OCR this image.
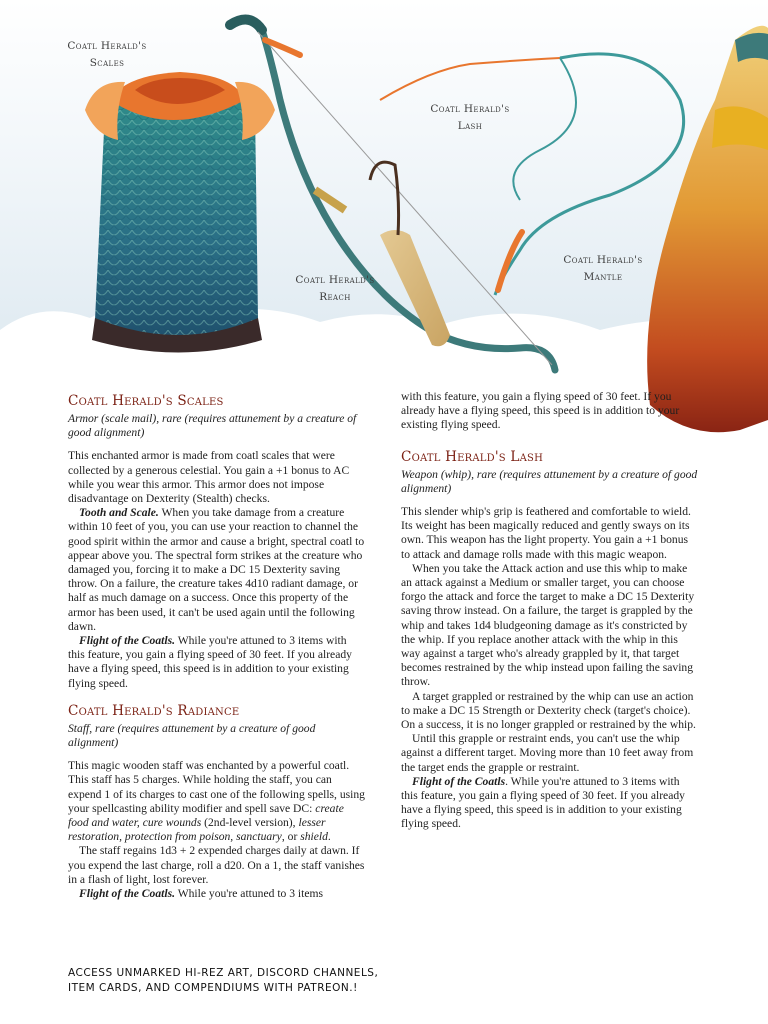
Coatl Herald's
Scales
Coatl Herald's
Lash
Coatl Herald's
Reach
Coatl Herald's
Mantle
Coatl Herald's Scales
Armor (scale mail), rare (requires attunement by a creature of good alignment)
This enchanted armor is made from coatl scales that were collected by a generous celestial. You gain a +1 bonus to AC while you wear this armor. This armor does not impose disadvantage on Dexterity (Stealth) checks.
Tooth and Scale. When you take damage from a creature within 10 feet of you, you can use your reaction to channel the good spirit within the armor and cause a bright, spectral coatl to appear above you. The spectral form strikes at the creature who damaged you, forcing it to make a DC 15 Dexterity saving throw. On a failure, the creature takes 4d10 radiant damage, or half as much damage on a success. Once this property of the armor has been used, it can't be used again until the following dawn.
Flight of the Coatls. While you're attuned to 3 items with this feature, you gain a flying speed of 30 feet. If you already have a flying speed, this speed is in addition to your existing flying speed.
Coatl Herald's Radiance
Staff, rare (requires attunement by a creature of good alignment)
This magic wooden staff was enchanted by a powerful coatl. This staff has 5 charges. While holding the staff, you can expend 1 of its charges to cast one of the following spells, using your spellcasting ability modifier and spell save DC: create food and water, cure wounds (2nd-level version), lesser restoration, protection from poison, sanctuary, or shield.
The staff regains 1d3 + 2 expended charges daily at dawn. If you expend the last charge, roll a d20. On a 1, the staff vanishes in a flash of light, lost forever.
Flight of the Coatls. While you're attuned to 3 items
with this feature, you gain a flying speed of 30 feet. If you already have a flying speed, this speed is in addition to your existing flying speed.
Coatl Herald's Lash
Weapon (whip), rare (requires attunement by a creature of good alignment)
This slender whip's grip is feathered and comfortable to wield. Its weight has been magically reduced and gently sways on its own. This weapon has the light property. You gain a +1 bonus to attack and damage rolls made with this magic weapon.
When you take the Attack action and use this whip to make an attack against a Medium or smaller target, you can choose forgo the attack and force the target to make a DC 15 Dexterity saving throw instead. On a failure, the target is grappled by the whip and takes 1d4 bludgeoning damage as it's constricted by the whip. If you replace another attack with the whip in this way against a target who's already grappled by it, that target becomes restrained by the whip instead upon failing the saving throw.
A target grappled or restrained by the whip can use an action to make a DC 15 Strength or Dexterity check (target's choice). On a success, it is no longer grappled or restrained by the whip.
Until this grapple or restraint ends, you can't use the whip against a different target. Moving more than 10 feet away from the target ends the grapple or restraint.
Flight of the Coatls. While you're attuned to 3 items with this feature, you gain a flying speed of 30 feet. If you already have a flying speed, this speed is in addition to your existing flying speed.
ACCESS UNMARKED HI-REZ ART, DISCORD CHANNELS, ITEM CARDS, AND COMPENDIUMS WITH PATREON.!
